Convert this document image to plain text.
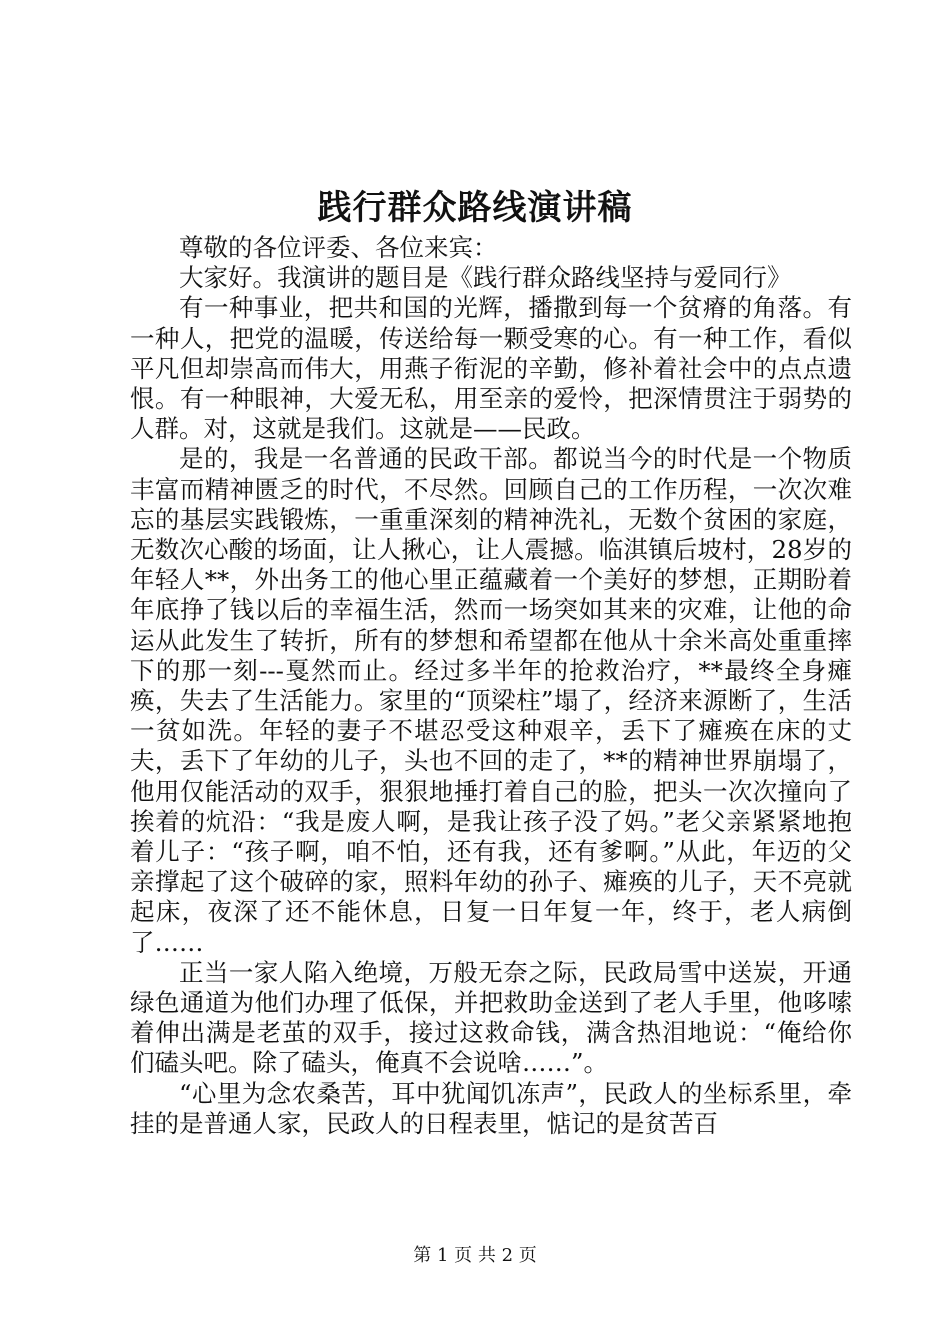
践行群众路线演讲稿

尊敬的各位评委、各位来宾：

大家好。我演讲的题目是《践行群众路线坚持与爱同行》

有一种事业，把共和国的光辉，播撒到每一个贫瘠的角落。有一种人，把党的温暖，传送给每一颗受寒的心。有一种工作，看似平凡但却崇高而伟大，用燕子衔泥的辛勤，修补着社会中的点点遗恨。有一种眼神，大爱无私，用至亲的爱怜，把深情贯注于弱势的人群。对，这就是我们。这就是——民政。

是的，我是一名普通的民政干部。都说当今的时代是一个物质丰富而精神匮乏的时代，不尽然。回顾自己的工作历程，一次次难忘的基层实践锻炼，一重重深刻的精神洗礼，无数个贫困的家庭，无数次心酸的场面，让人揪心，让人震撼。临淇镇后坡村，28岁的年轻人**，外出务工的他心里正蕴藏着一个美好的梦想，正期盼着年底挣了钱以后的幸福生活，然而一场突如其来的灾难，让他的命运从此发生了转折，所有的梦想和希望都在他从十余米高处重重摔下的那一刻---戛然而止。经过多半年的抢救治疗，**最终全身瘫痪，失去了生活能力。家里的“顶梁柱”塌了，经济来源断了，生活一贫如洗。年轻的妻子不堪忍受这种艰辛，丢下了瘫痪在床的丈夫，丢下了年幼的儿子，头也不回的走了，**的精神世界崩塌了，他用仅能活动的双手，狠狠地捶打着自己的脸，把头一次次撞向了挨着的炕沿：“我是废人啊，是我让孩子没了妈。”老父亲紧紧地抱着儿子：“孩子啊，咱不怕，还有我，还有爹啊。”从此，年迈的父亲撑起了这个破碎的家，照料年幼的孙子、瘫痪的儿子，天不亮就起床，夜深了还不能休息，日复一日年复一年，终于，老人病倒了……

正当一家人陷入绝境，万般无奈之际，民政局雪中送炭，开通绿色通道为他们办理了低保，并把救助金送到了老人手里，他哆嗦着伸出满是老茧的双手，接过这救命钱，满含热泪地说：“俺给你们磕头吧。除了磕头，俺真不会说啥……”。

“心里为念农桑苦，耳中犹闻饥冻声”，民政人的坐标系里，牵挂的是普通人家，民政人的日程表里，惦记的是贫苦百

第 1 页 共 2 页
